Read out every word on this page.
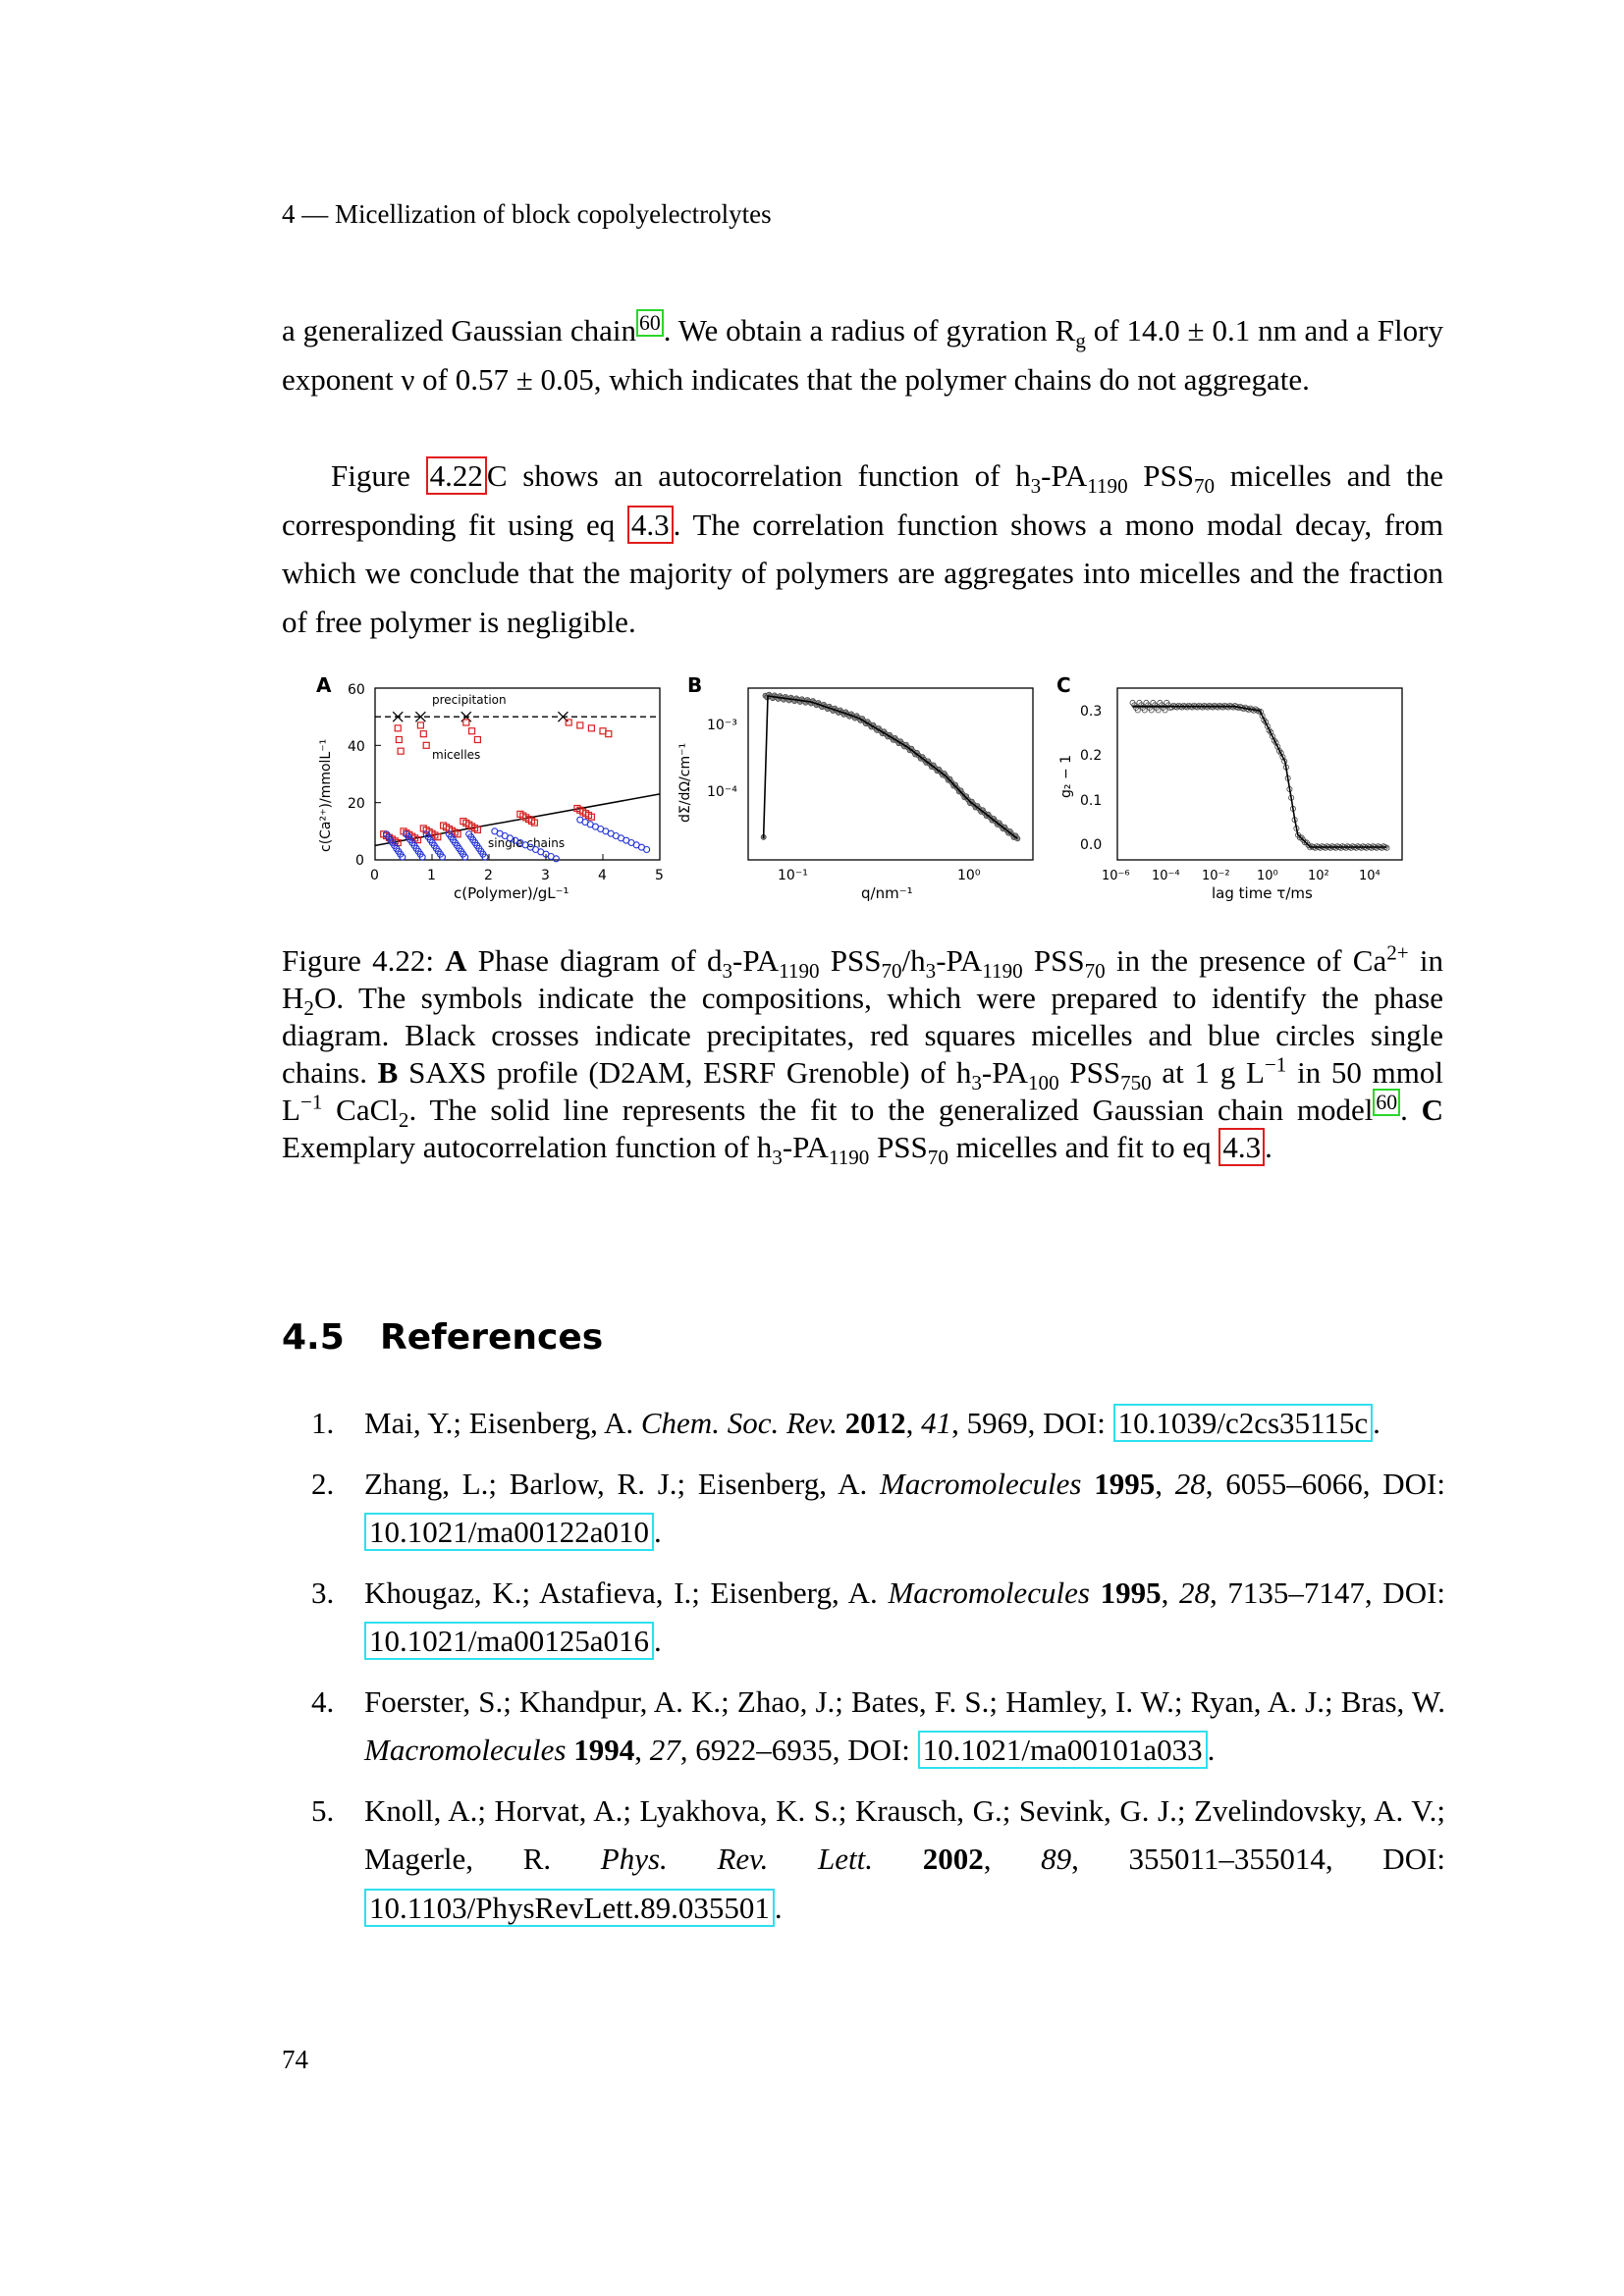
4 — Micellization of block copolyelectrolytes
a generalized Gaussian chain $^{60}$. We obtain a radius of gyration $R_g$ of 14.0 ± 0.1 nm and a Flory exponent ν of 0.57 ± 0.05, which indicates that the polymer chains do not aggregate.
Figure 4.22 C shows an autocorrelation function of $h_3-PA_{1190}$ $PSS_{70}$ micelles and the corresponding fit using eq 4.3 . The correlation function shows a mono modal decay, from which we conclude that the majority of polymers are aggregates into micelles and the fraction of free polymer is negligible.
A
c(Ca²⁺)/mmolL⁻¹
c(Polymer)/gL⁻¹
0	1	2	3	4	5
0
20
40
60
precipitation
micelles
single chains
B
dΣ/dΩ/cm⁻¹
q/nm⁻¹
10⁻³
10⁻⁴
10⁻¹	10⁰
C
g₂ − 1
lag time τ/ms
0.0
0.1
0.2
0.3
10⁻⁶ 10⁻⁴ 10⁻² 10⁰ 10² 10⁴
Figure 4.22: A Phase diagram of $d_3-PA_{1190}$ $PSS_{70}/h_3-PA_{1190}$ $PSS_{70}$ in the presence of $Ca^{2+}$ in $H_2O$. The symbols indicate the compositions, which were prepared to identify the phase diagram. Black crosses indicate precipitates, red squares micelles and blue circles single chains. B SAXS profile (D2AM, ESRF Grenoble) of $h_3-PA_{100}$ $PSS_{750}$ at 1 g $L^{-1}$ in 50 mmol $L^{-1}$ CaCl$_2$. The solid line represents the fit to the generalized Gaussian chain model $^{60}$. C Exemplary autocorrelation function of $h_3-PA_{1190}$ $PSS_{70}$ micelles and fit to eq 4.3 .
4.5 References
1. Mai, Y.; Eisenberg, A. Chem. Soc. Rev. 2012, 41, 5969, DOI: 10.1039/c2cs35115c .
2. Zhang, L.; Barlow, R. J.; Eisenberg, A. Macromolecules 1995, 28, 6055–6066, DOI: 10.1021/ma00122a010 .
3. Khougaz, K.; Astafieva, I.; Eisenberg, A. Macromolecules 1995, 28, 7135–7147, DOI: 10.1021/ma00125a016 .
4. Foerster, S.; Khandpur, A. K.; Zhao, J.; Bates, F. S.; Hamley, I. W.; Ryan, A. J.; Bras, W. Macromolecules 1994, 27, 6922–6935, DOI: 10.1021/ma00101a033 .
5. Knoll, A.; Horvat, A.; Lyakhova, K. S.; Krausch, G.; Sevink, G. J.; Zvelindovsky, A. V.; Magerle, R. Phys. Rev. Lett. 2002, 89, 355011–355014, DOI: 10.1103/PhysRevLett.89.035501 .
74
